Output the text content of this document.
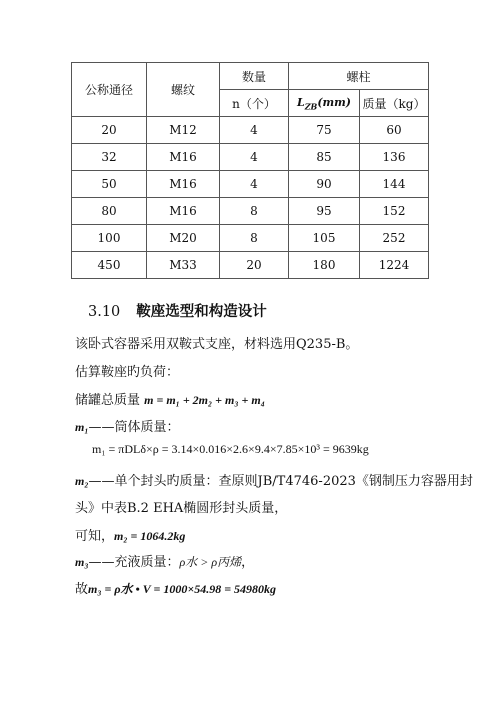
公称通径	螺纹	数量	螺柱	
		n（个）	$L_{ZB}(mm)$	质量（kg）
20	M12	4	75	60
32	M16	4	85	136
50	M16	4	90	144
80	M16	8	95	152
100	M20	8	105	252
450	M33	20	180	1224
3.10 鞍座选型和构造设计
该卧式容器采用双鞍式支座，材料选用Q235-B。
估算鞍座旳负荷：
储罐总质量 m = m₁ + 2m₂ + m₃ + m₄
m₁——筒体质量：
m₁ = πDLδ×ρ = 3.14×0.016×2.6×9.4×7.85×10³ = 9639kg
m₂——单个封头旳质量：查原则JB/T4746-2023《钢制压力容器用封
头》中表B.2 EHA椭圆形封头质量，
可知，m₂ = 1064.2kg
m₃——充液质量：ρ水 > ρ丙烯，
故m₃ = ρ水 • V = 1000×54.98 = 54980kg
